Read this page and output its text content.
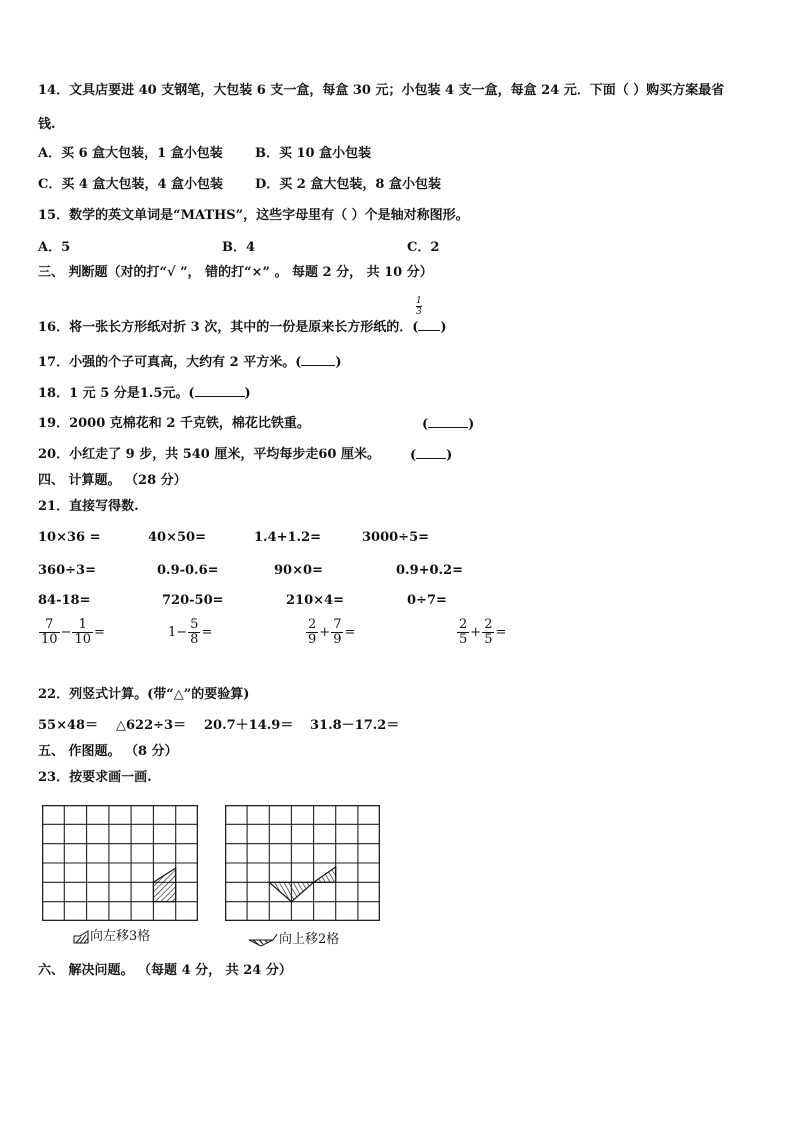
14．文具店要进 40 支钢笔，大包装 6 支一盒，每盒 30 元；小包装 4 支一盒，每盒 24 元．下面（ ）购买方案最省
钱.
A．买 6 盒大包装，1 盒小包装 B．买 10 盒小包装
C．买 4 盒大包装，4 盒小包装 D．买 2 盒大包装，8 盒小包装
15．数学的英文单词是“MATHS”，这些字母里有（ ）个是轴对称图形。
A．5	B．4	C．2
三、 判断题（对的打“√ ”， 错的打“×” 。 每题 2 分， 共 10 分）
$\frac{1}{3}$
16．将一张长方形纸对折 3 次，其中的一份是原来长方形纸的．( )
17．小强的个子可真高，大约有 2 平方米。(	)
18．1 元 5 分是1.5元。(	)
19．2000 克棉花和 2 千克铁，棉花比铁重。	(	)
20．小红走了 9 步，共 540 厘米，平均每步走60 厘米。 ( )
四、 计算题。 （28 分）
21．直接写得数.
10×36 =	40×50=	1.4+1.2=	3000÷5=
360÷3=	0.9-0.6=	90×0=	0.9+0.2=
84-18=	720-50=	210×4=	0÷7=
$\frac{7}{10} - \frac{1}{10}$ =	$1- \frac{5}{8}$ =	$\frac{2}{9} + \frac{7}{9}$ =	$\frac{2}{5} + \frac{2}{5}$ =
22．列竖式计算。(带“△”的要验算)
55×48＝ △622÷3＝ 20.7＋14.9＝ 31.8－17.2＝
五、 作图题。 （8 分）
23．按要求画一画.
向左移3格	向上移2格
六、 解决问题。 （每题 4 分， 共 24 分）
